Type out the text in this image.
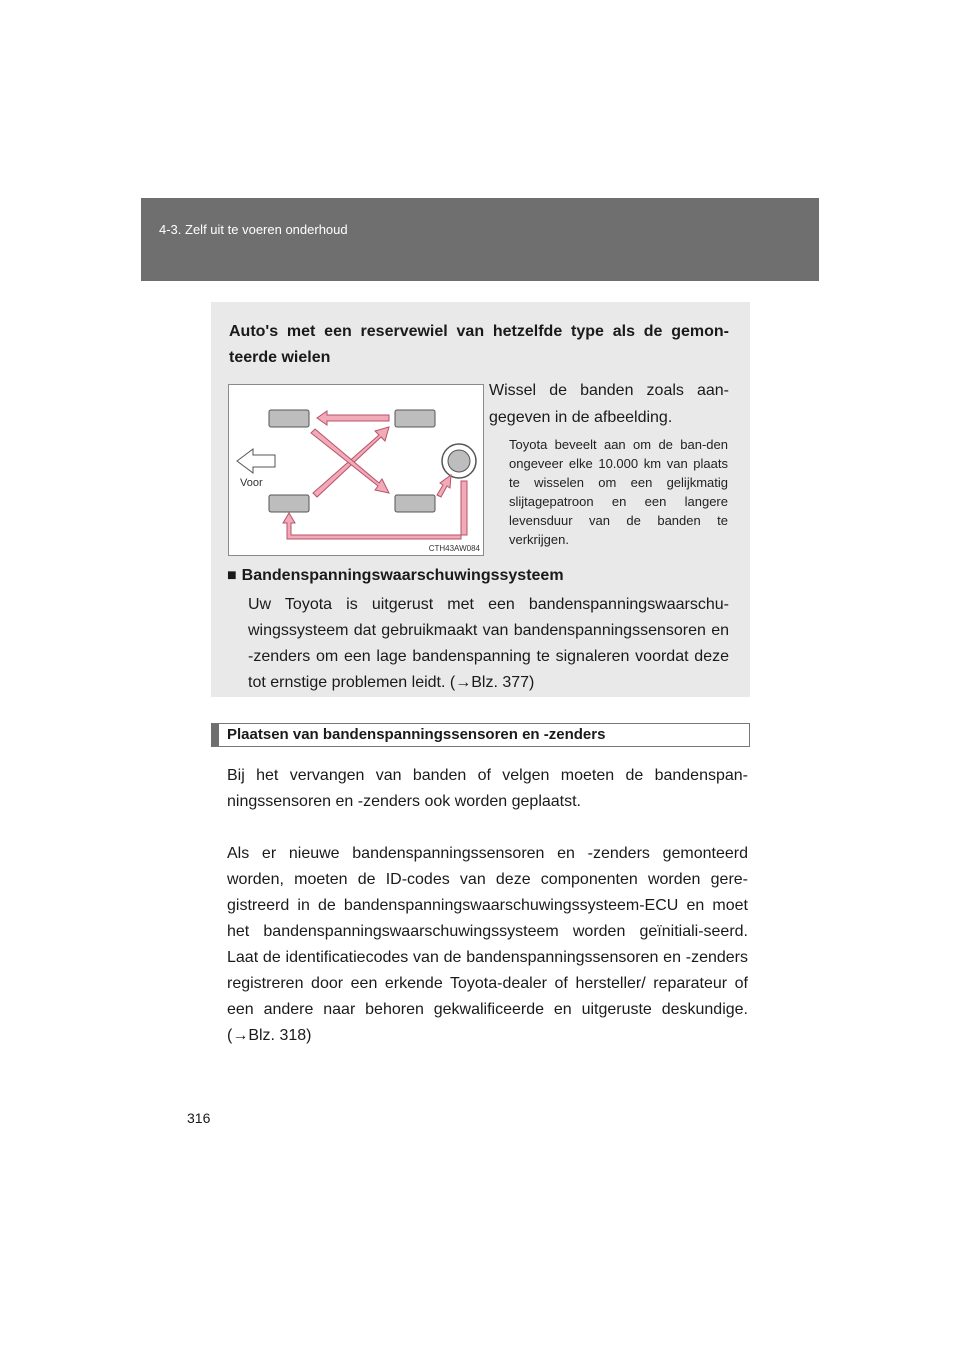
4-3. Zelf uit te voeren onderhoud
Auto's met een reservewiel van hetzelfde type als de gemon-
teerde wielen
Voor
CTH43AW084
Wissel de banden zoals aan-gegeven in de afbeelding.
Toyota beveelt aan om de ban-den ongeveer elke 10.000 km van plaats te wisselen om een gelijkmatig slijtagepatroon en een langere levensduur van de banden te verkrijgen.
■ Bandenspanningswaarschuwingssysteem
Uw Toyota is uitgerust met een bandenspanningswaarschu-wingssysteem dat gebruikmaakt van bandenspanningssensoren en -zenders om een lage bandenspanning te signaleren voordat deze tot ernstige problemen leidt. (→Blz. 377)
Plaatsen van bandenspanningssensoren en -zenders
Bij het vervangen van banden of velgen moeten de bandenspan-ningssensoren en -zenders ook worden geplaatst.
Als er nieuwe bandenspanningssensoren en -zenders gemonteerd worden, moeten de ID-codes van deze componenten worden gere-gistreerd in de bandenspanningswaarschuwingssysteem-ECU en moet het bandenspanningswaarschuwingssysteem worden geïnitiali-seerd. Laat de identificatiecodes van de bandenspanningssensoren en -zenders registreren door een erkende Toyota-dealer of hersteller/ reparateur of een andere naar behoren gekwalificeerde en uitgeruste deskundige. (→Blz. 318)
316
